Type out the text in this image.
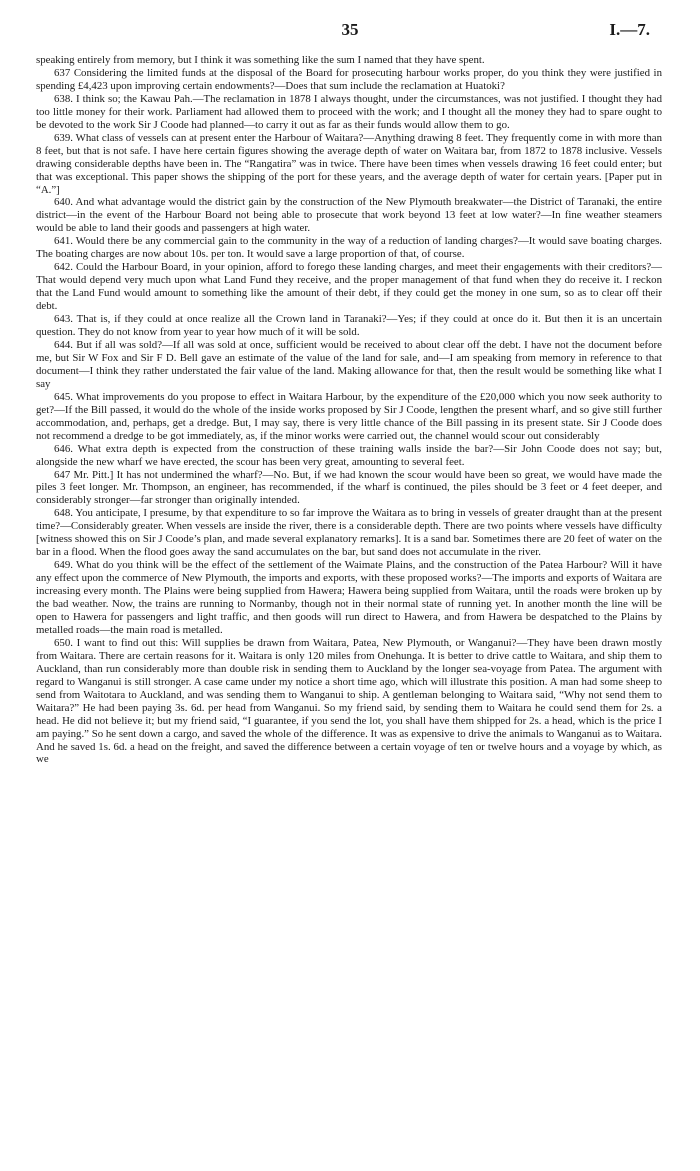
35	I.—7.

speaking entirely from memory, but I think it was something like the sum I named that they have spent.

637 Considering the limited funds at the disposal of the Board for prosecuting harbour works proper, do you think they were justified in spending £4,423 upon improving certain endowments?—Does that sum include the reclamation at Huatoki?

638. I think so; the Kawau Pah.—The reclamation in 1878 I always thought, under the circumstances, was not justified. I thought they had too little money for their work. Parliament had allowed them to proceed with the work; and I thought all the money they had to spare ought to be devoted to the work Sir J Coode had planned—to carry it out as far as their funds would allow them to go.

639. What class of vessels can at present enter the Harbour of Waitara?—Anything drawing 8 feet. They frequently come in with more than 8 feet, but that is not safe. I have here certain figures showing the average depth of water on Waitara bar, from 1872 to 1878 inclusive. Vessels drawing considerable depths have been in. The “Rangatira” was in twice. There have been times when vessels drawing 16 feet could enter; but that was exceptional. This paper shows the shipping of the port for these years, and the average depth of water for certain years. [Paper put in “A.”]

640. And what advantage would the district gain by the construction of the New Plymouth breakwater—the District of Taranaki, the entire district—in the event of the Harbour Board not being able to prosecute that work beyond 13 feet at low water?—In fine weather steamers would be able to land their goods and passengers at high water.

641. Would there be any commercial gain to the community in the way of a reduction of landing charges?—It would save boating charges. The boating charges are now about 10s. per ton. It would save a large proportion of that, of course.

642. Could the Harbour Board, in your opinion, afford to forego these landing charges, and meet their engagements with their creditors?—That would depend very much upon what Land Fund they receive, and the proper management of that fund when they do receive it. I reckon that the Land Fund would amount to something like the amount of their debt, if they could get the money in one sum, so as to clear off their debt.

643. That is, if they could at once realize all the Crown land in Taranaki?—Yes; if they could at once do it. But then it is an uncertain question. They do not know from year to year how much of it will be sold.

644. But if all was sold?—If all was sold at once, sufficient would be received to about clear off the debt. I have not the document before me, but Sir W Fox and Sir F D. Bell gave an estimate of the value of the land for sale, and—I am speaking from memory in reference to that document—I think they rather understated the fair value of the land. Making allowance for that, then the result would be something like what I say

645. What improvements do you propose to effect in Waitara Harbour, by the expenditure of the £20,000 which you now seek authority to get?—If the Bill passed, it would do the whole of the inside works proposed by Sir J Coode, lengthen the present wharf, and so give still further accommodation, and, perhaps, get a dredge. But, I may say, there is very little chance of the Bill passing in its present state. Sir J Coode does not recommend a dredge to be got immediately, as, if the minor works were carried out, the channel would scour out considerably

646. What extra depth is expected from the construction of these training walls inside the bar?—Sir John Coode does not say; but, alongside the new wharf we have erected, the scour has been very great, amounting to several feet.

647 Mr. Pitt.] It has not undermined the wharf?—No. But, if we had known the scour would have been so great, we would have made the piles 3 feet longer. Mr. Thompson, an engineer, has recommended, if the wharf is continued, the piles should be 3 feet or 4 feet deeper, and considerably stronger—far stronger than originally intended.

648. You anticipate, I presume, by that expenditure to so far improve the Waitara as to bring in vessels of greater draught than at the present time?—Considerably greater. When vessels are inside the river, there is a considerable depth. There are two points where vessels have difficulty [witness showed this on Sir J Coode’s plan, and made several explanatory remarks]. It is a sand bar. Sometimes there are 20 feet of water on the bar in a flood. When the flood goes away the sand accumulates on the bar, but sand does not accumulate in the river.

649. What do you think will be the effect of the settlement of the Waimate Plains, and the construction of the Patea Harbour? Will it have any effect upon the commerce of New Plymouth, the imports and exports, with these proposed works?—The imports and exports of Waitara are increasing every month. The Plains were being supplied from Hawera; Hawera being supplied from Waitara, until the roads were broken up by the bad weather. Now, the trains are running to Normanby, though not in their normal state of running yet. In another month the line will be open to Hawera for passengers and light traffic, and then goods will run direct to Hawera, and from Hawera be despatched to the Plains by metalled roads—the main road is metalled.

650. I want to find out this: Will supplies be drawn from Waitara, Patea, New Plymouth, or Wanganui?—They have been drawn mostly from Waitara. There are certain reasons for it. Waitara is only 120 miles from Onehunga. It is better to drive cattle to Waitara, and ship them to Auckland, than run considerably more than double risk in sending them to Auckland by the longer sea-voyage from Patea. The argument with regard to Wanganui is still stronger. A case came under my notice a short time ago, which will illustrate this position. A man had some sheep to send from Waitotara to Auckland, and was sending them to Wanganui to ship. A gentleman belonging to Waitara said, “Why not send them to Waitara?” He had been paying 3s. 6d. per head from Wanganui. So my friend said, by sending them to Waitara he could send them for 2s. a head. He did not believe it; but my friend said, “I guarantee, if you send the lot, you shall have them shipped for 2s. a head, which is the price I am paying.” So he sent down a cargo, and saved the whole of the difference. It was as expensive to drive the animals to Wanganui as to Waitara. And he saved 1s. 6d. a head on the freight, and saved the difference between a certain voyage of ten or twelve hours and a voyage by which, as we
